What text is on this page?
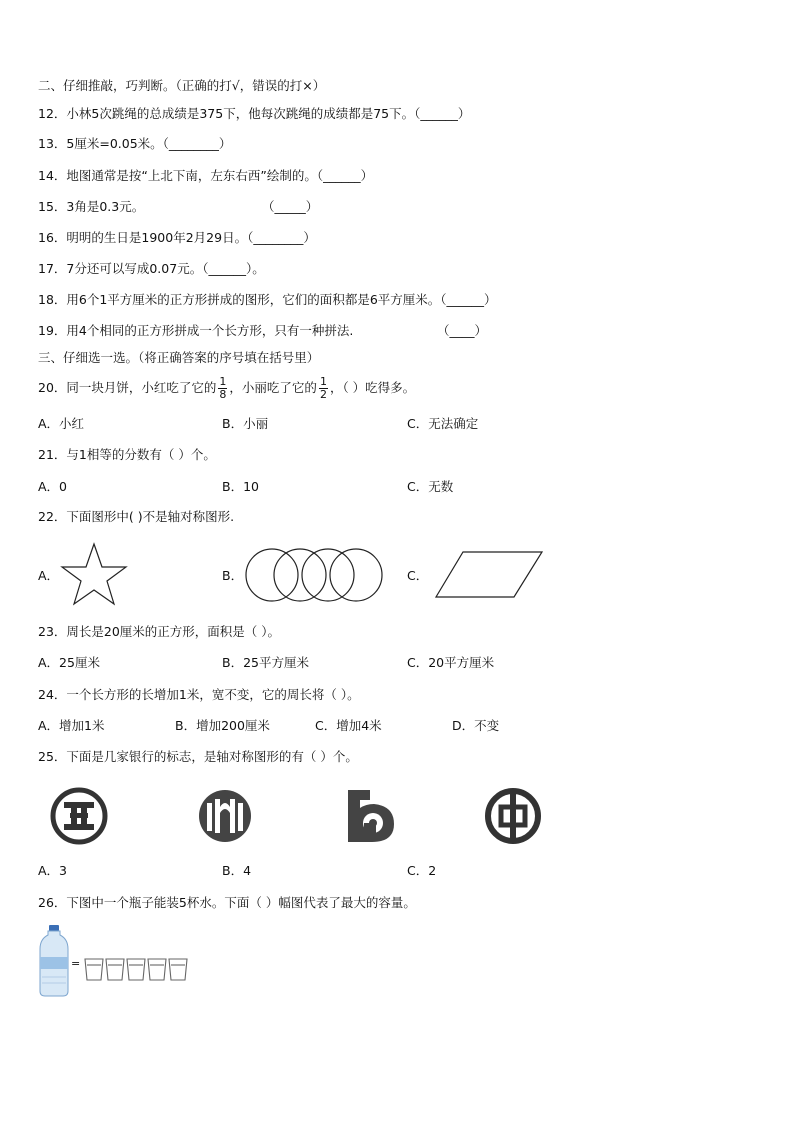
二、仔细推敲，巧判断。（正确的打√，错误的打×）
12．小林5次跳绳的总成绩是375下，他每次跳绳的成绩都是75下。（______）
13．5厘米=0.05米。（________）
14．地图通常是按“上北下南，左东右西”绘制的。（______）
15．3角是0.3元。	（_____）
16．明明的生日是1900年2月29日。（________）
17．7分还可以写成0.07元。（______）。
18．用6个1平方厘米的正方形拼成的图形，它们的面积都是6平方厘米。（______）
19．用4个相同的正方形拼成一个长方形，只有一种拼法.	（____）
三、仔细选一选。（将正确答案的序号填在括号里）
20．同一块月饼，小红吃了它的 $\frac{1}{8}$ ，小丽吃了它的 $\frac{1}{2}$ ，（ ）吃得多。
A．小红	B．小丽	C．无法确定
21．与1相等的分数有（ ）个。
A．0	B．10	C．无数
22．下面图形中( )不是轴对称图形.
A．	B．	C．
23．周长是20厘米的正方形，面积是（ ）。
A．25厘米	B．25平方厘米	C．20平方厘米
24．一个长方形的长增加1米，宽不变，它的周长将（ ）。
A．增加1米	B．增加200厘米	C．增加4米	D．不变
25．下面是几家银行的标志，是轴对称图形的有（ ）个。
A．3	B．4	C．2
26．下图中一个瓶子能装5杯水。下面（ ）幅图代表了最大的容量。
=
